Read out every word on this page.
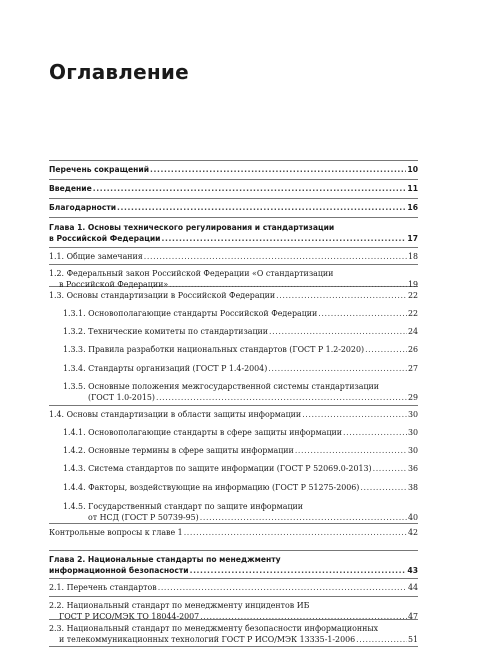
Оглавление
Перечень сокращений .....	10
Введение .....	11
Благодарности .....	16
Глава 1. Основы технического регулирования и стандартизации
в Российской Федерации .....	17
1.1. Общие замечания .....	18
1.2. Федеральный закон Российской Федерации «О стандартизации
в Российской Федерации» .....	19
1.3. Основы стандартизации в Российской Федерации .....	22
1.3.1. Основополагающие стандарты Российской Федерации .....	22
1.3.2. Технические комитеты по стандартизации .....	24
1.3.3. Правила разработки национальных стандартов (ГОСТ Р 1.2-2020) .....	26
1.3.4. Стандарты организаций (ГОСТ Р 1.4-2004) .....	27
1.3.5. Основные положения межгосударственной системы стандартизации
(ГОСТ 1.0-2015) .....	29
1.4. Основы стандартизации в области защиты информации .....	30
1.4.1. Основополагающие стандарты в сфере защиты информации .....	30
1.4.2. Основные термины в сфере защиты информации .....	30
1.4.3. Система стандартов по защите информации (ГОСТ Р 52069.0-2013) .....	36
1.4.4. Факторы, воздействующие на информацию (ГОСТ Р 51275-2006) .....	38
1.4.5. Государственный стандарт по защите информации
от НСД (ГОСТ Р 50739-95) .....	40
Контрольные вопросы к главе 1 .....	42
Глава 2. Национальные стандарты по менеджменту
информационной безопасности .....	43
2.1. Перечень стандартов .....	44
2.2. Национальный стандарт по менеджменту инцидентов ИБ
ГОСТ Р ИСО/МЭК ТО 18044-2007 .....	47
2.3. Национальный стандарт по менеджменту безопасности информационных
и телекоммуникационных технологий ГОСТ Р ИСО/МЭК 13335-1-2006 .....	51
